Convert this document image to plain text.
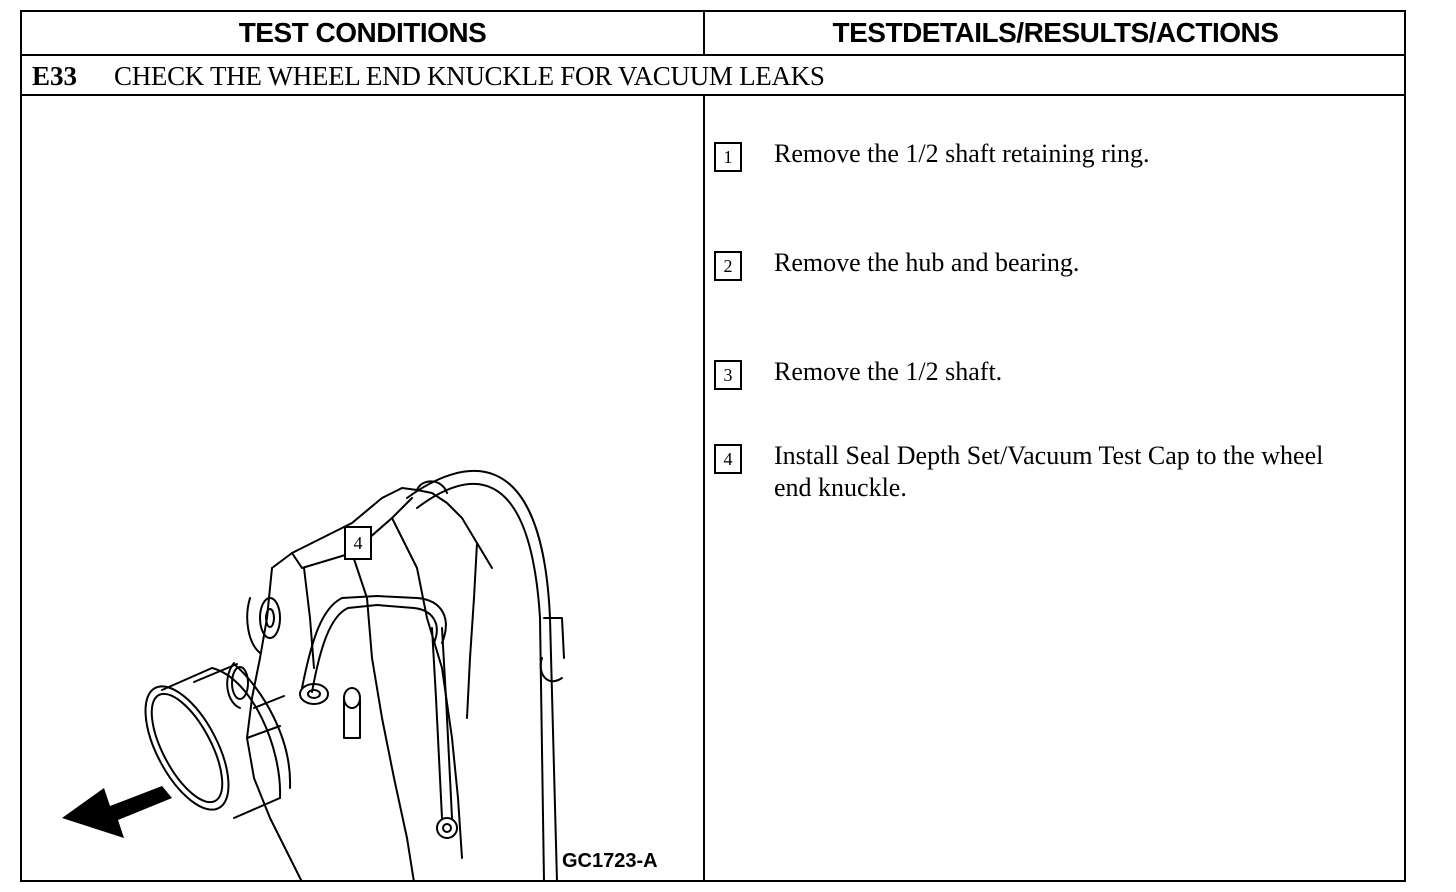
TEST CONDITIONS	TESTDETAILS/RESULTS/ACTIONS
E33 CHECK THE WHEEL END KNUCKLE FOR VACUUM LEAKS
4
GC1723-A
1	Remove the 1/2 shaft retaining ring.
2	Remove the hub and bearing.
3	Remove the 1/2 shaft.
4	Install Seal Depth Set/Vacuum Test Cap to the wheel end knuckle.
